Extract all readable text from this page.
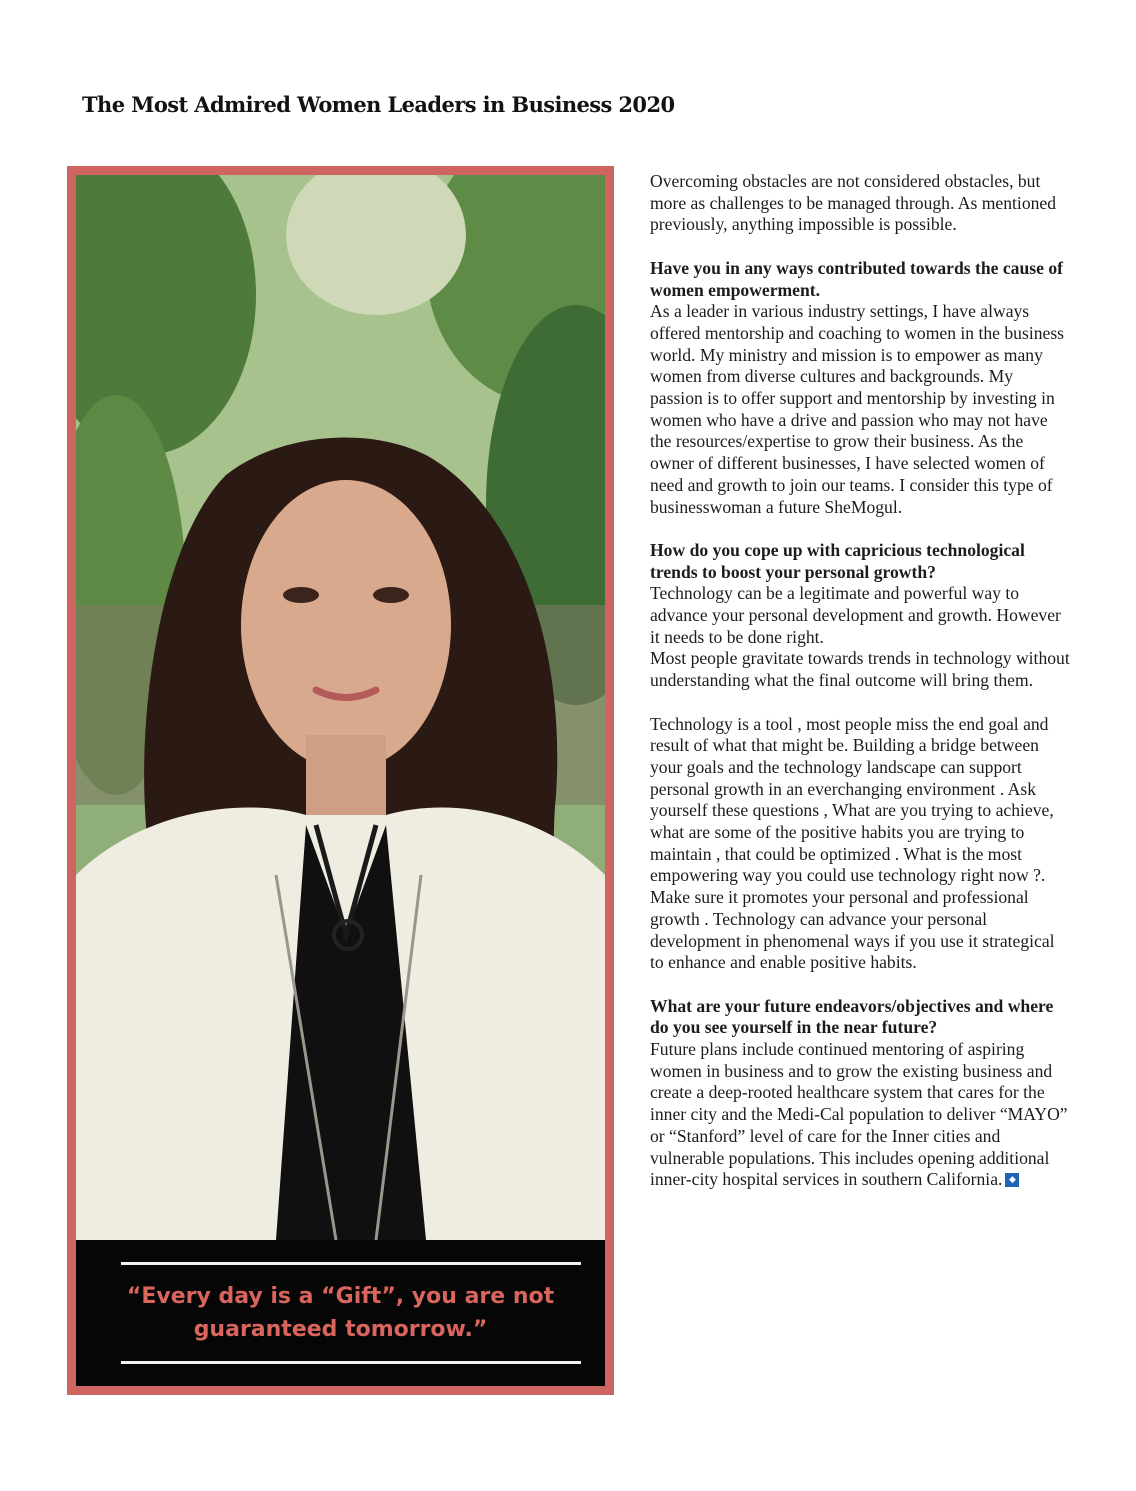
The Most Admired Women Leaders in Business 2020
“Every day is a “Gift”, you are not guaranteed tomorrow.”

Overcoming obstacles are not considered obstacles, but more as challenges to be managed through. As mentioned previously, anything impossible is possible.

Have you in any ways contributed towards the cause of women empowerment.
As a leader in various industry settings, I have always offered mentorship and coaching to women in the business world. My ministry and mission is to empower as many women from diverse cultures and backgrounds. My passion is to offer support and mentorship by investing in women who have a drive and passion who may not have the resources/expertise to grow their business. As the owner of different businesses, I have selected women of need and growth to join our teams. I consider this type of businesswoman a future SheMogul.

How do you cope up with capricious technological trends to boost your personal growth?
Technology can be a legitimate and powerful way to advance your personal development and growth. However it needs to be done right.
Most people gravitate towards trends in technology without understanding what the final outcome will bring them.

Technology is a tool , most people miss the end goal and result of what that might be. Building a bridge between your goals and the technology landscape can support personal growth in an everchanging environment . Ask yourself these questions , What are you trying to achieve, what are some of the positive habits you are trying to maintain , that could be optimized . What is the most empowering way you could use technology right now ?. Make sure it promotes your personal and professional growth . Technology can advance your personal development in phenomenal ways if you use it strategical to enhance and enable positive habits.

What are your future endeavors/objectives and where do you see yourself in the near future?
Future plans include continued mentoring of aspiring women in business and to grow the existing business and create a deep-rooted healthcare system that cares for the inner city and the Medi-Cal population to deliver “MAYO” or “Stanford” level of care for the Inner cities and vulnerable populations. This includes opening additional inner-city hospital services in southern California. ◆
